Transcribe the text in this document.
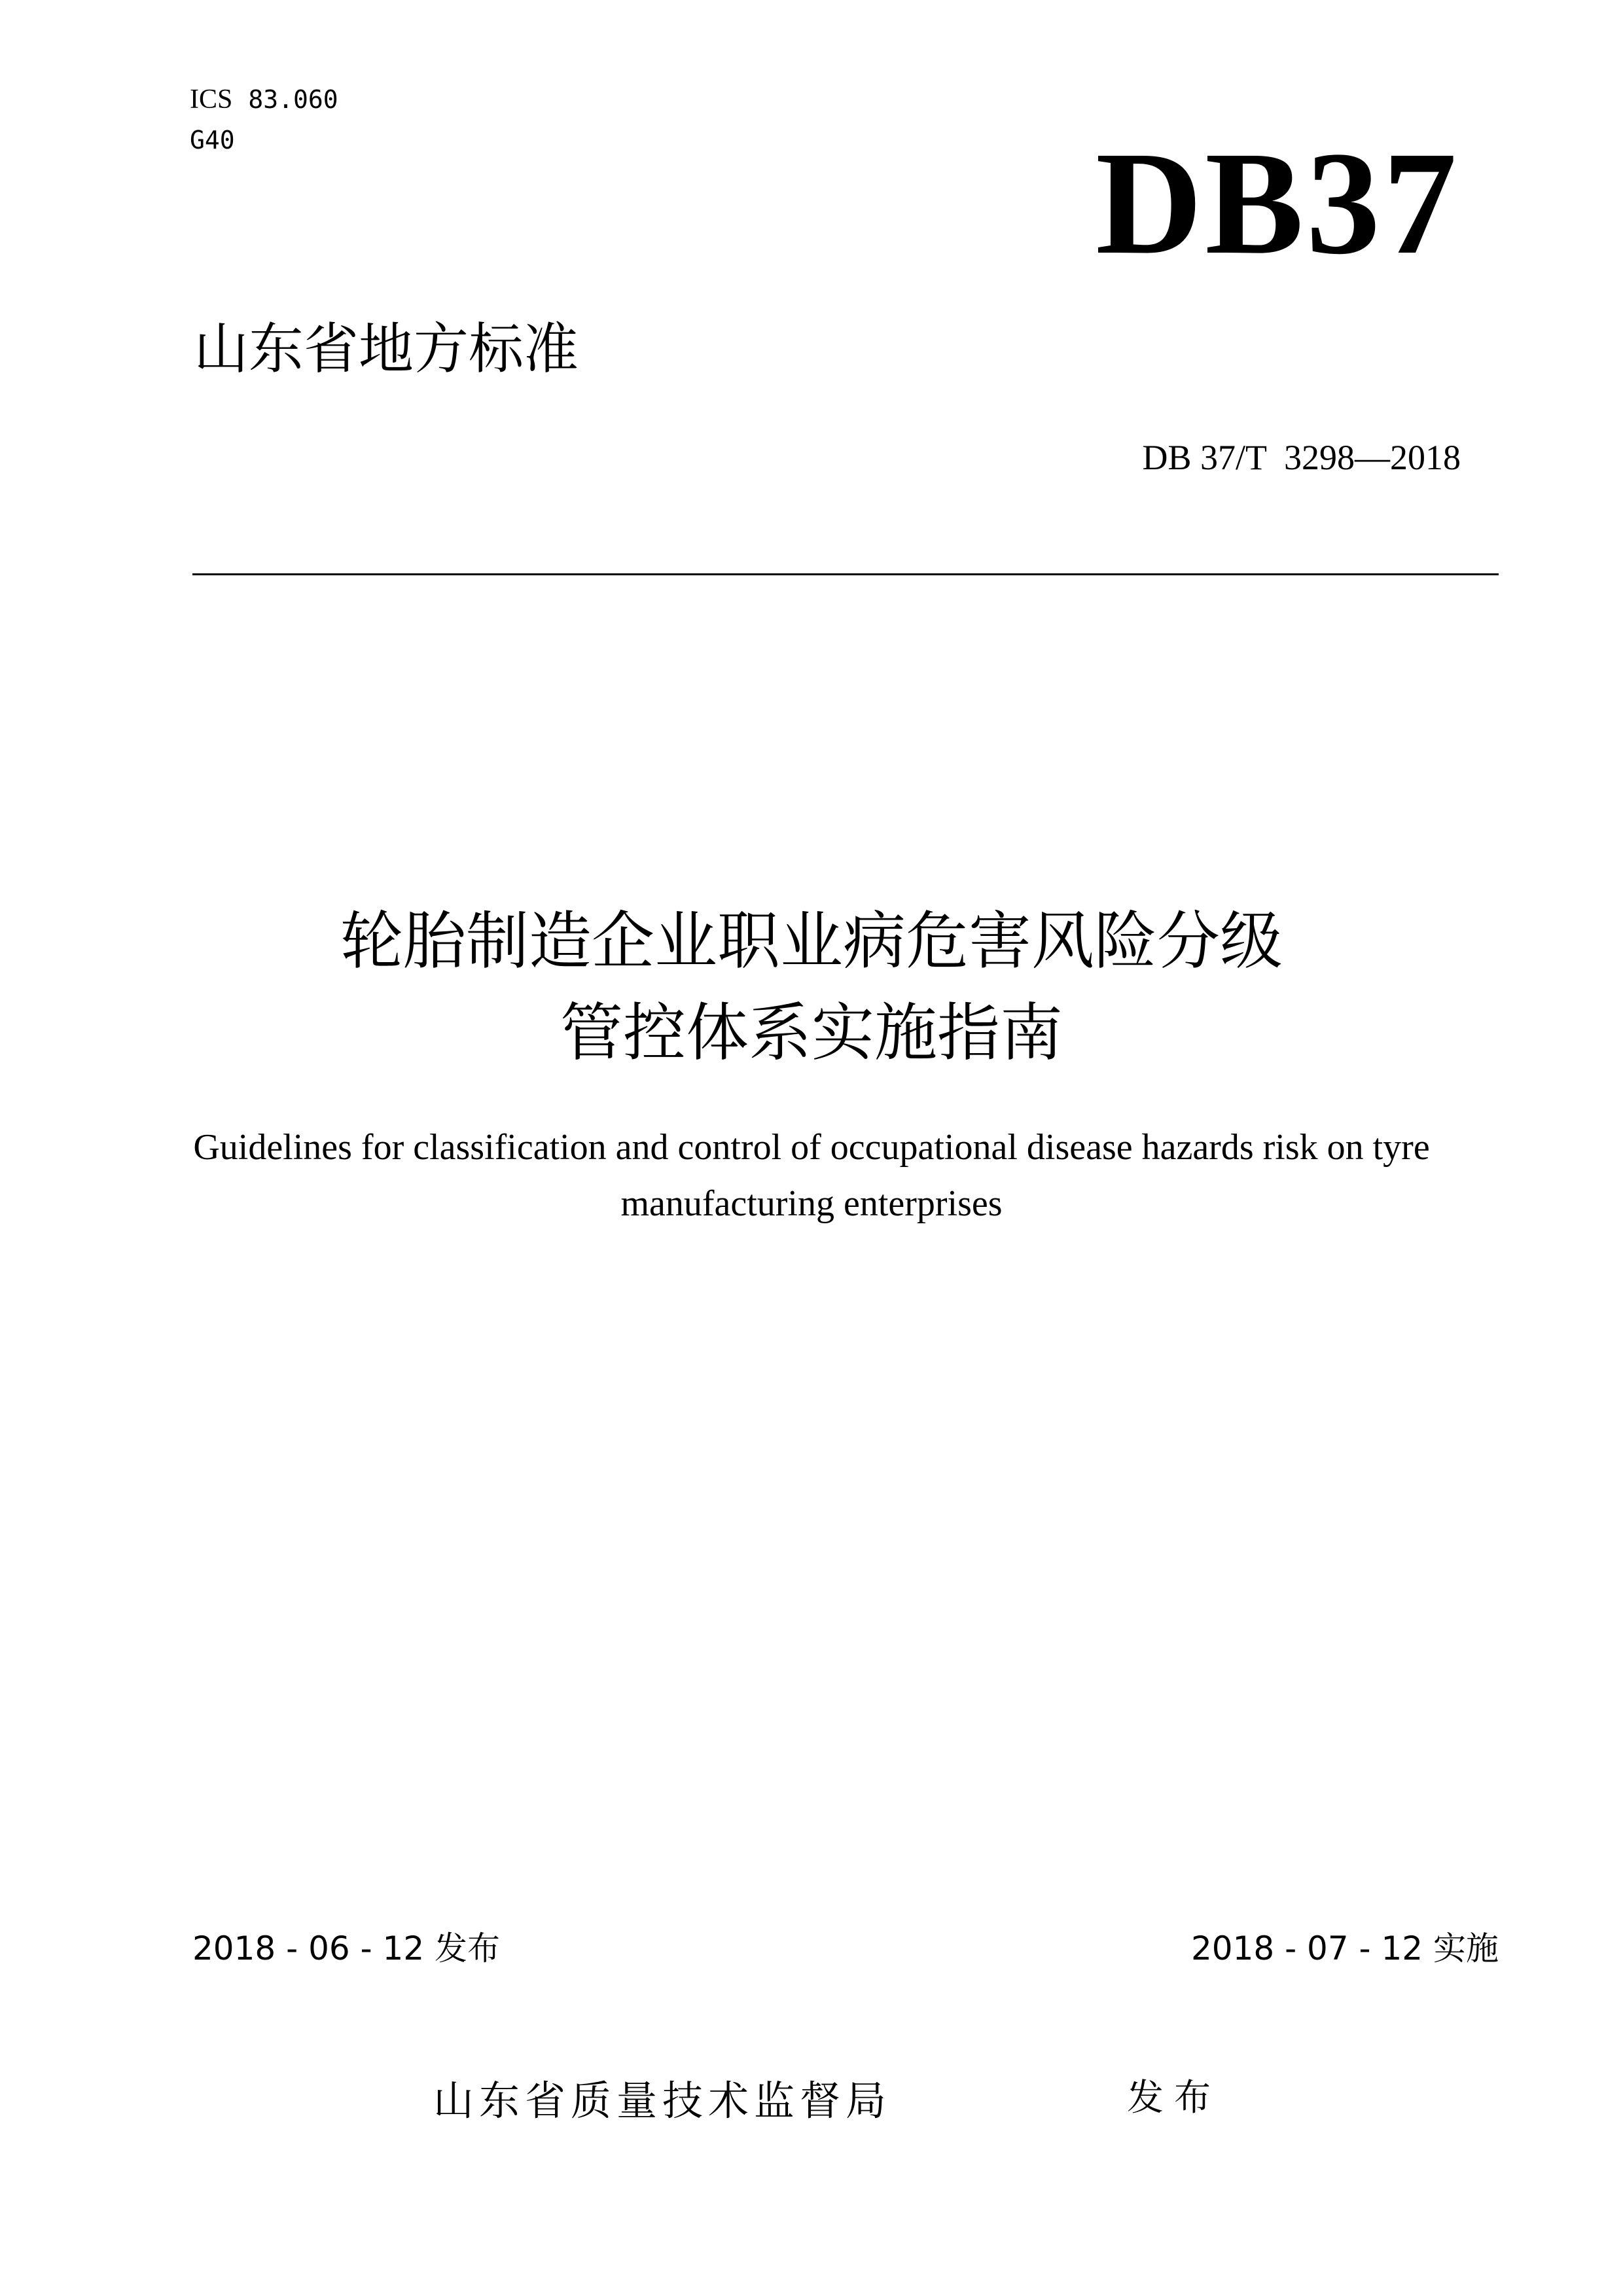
ICS 83.060
G40	DB37
山东省地方标准
DB 37/T  3298—2018
轮胎制造企业职业病危害风险分级
管控体系实施指南
Guidelines for classification and control of occupational disease hazards risk on tyre
manufacturing enterprises
2018 - 06 - 12 发布	2018 - 07 - 12 实施
山东省质量技术监督局	发布
